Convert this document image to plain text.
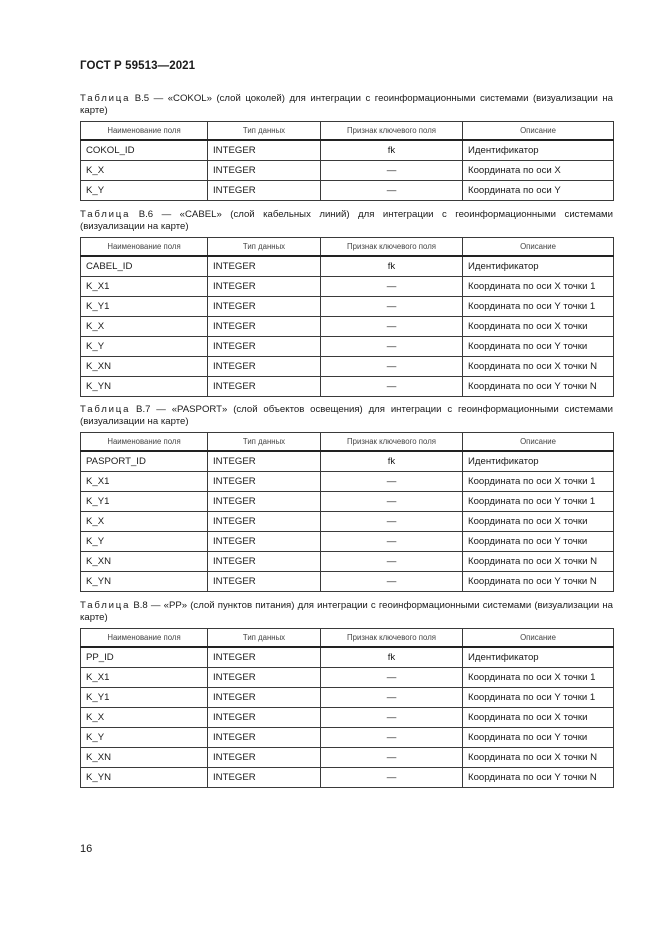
ГОСТ Р 59513—2021
Таблица В.5 — «COKOL» (слой цоколей) для интеграции с геоинформационными системами (визуализации на карте)
Наименование поля	Тип данных	Признак ключевого поля	Описание
COKOL_ID	INTEGER	fk	Идентификатор
K_X	INTEGER	—	Координата по оси X
K_Y	INTEGER	—	Координата по оси Y
Таблица В.6 — «CABEL» (слой кабельных линий) для интеграции с геоинформационными системами (визуализации на карте)
Наименование поля	Тип данных	Признак ключевого поля	Описание
CABEL_ID	INTEGER	fk	Идентификатор
K_X1	INTEGER	—	Координата по оси X точки 1
K_Y1	INTEGER	—	Координата по оси Y точки 1
K_X	INTEGER	—	Координата по оси X точки
K_Y	INTEGER	—	Координата по оси Y точки
K_XN	INTEGER	—	Координата по оси X точки N
K_YN	INTEGER	—	Координата по оси Y точки N
Таблица В.7 — «PASPORT» (слой объектов освещения) для интеграции с геоинформационными системами (визуализации на карте)
Наименование поля	Тип данных	Признак ключевого поля	Описание
PASPORT_ID	INTEGER	fk	Идентификатор
K_X1	INTEGER	—	Координата по оси X точки 1
K_Y1	INTEGER	—	Координата по оси Y точки 1
K_X	INTEGER	—	Координата по оси X точки
K_Y	INTEGER	—	Координата по оси Y точки
K_XN	INTEGER	—	Координата по оси X точки N
K_YN	INTEGER	—	Координата по оси Y точки N
Таблица В.8 — «PP» (слой пунктов питания) для интеграции с геоинформационными системами (визуализации на карте)
Наименование поля	Тип данных	Признак ключевого поля	Описание
PP_ID	INTEGER	fk	Идентификатор
K_X1	INTEGER	—	Координата по оси X точки 1
K_Y1	INTEGER	—	Координата по оси Y точки 1
K_X	INTEGER	—	Координата по оси X точки
K_Y	INTEGER	—	Координата по оси Y точки
K_XN	INTEGER	—	Координата по оси X точки N
K_YN	INTEGER	—	Координата по оси Y точки N
16
